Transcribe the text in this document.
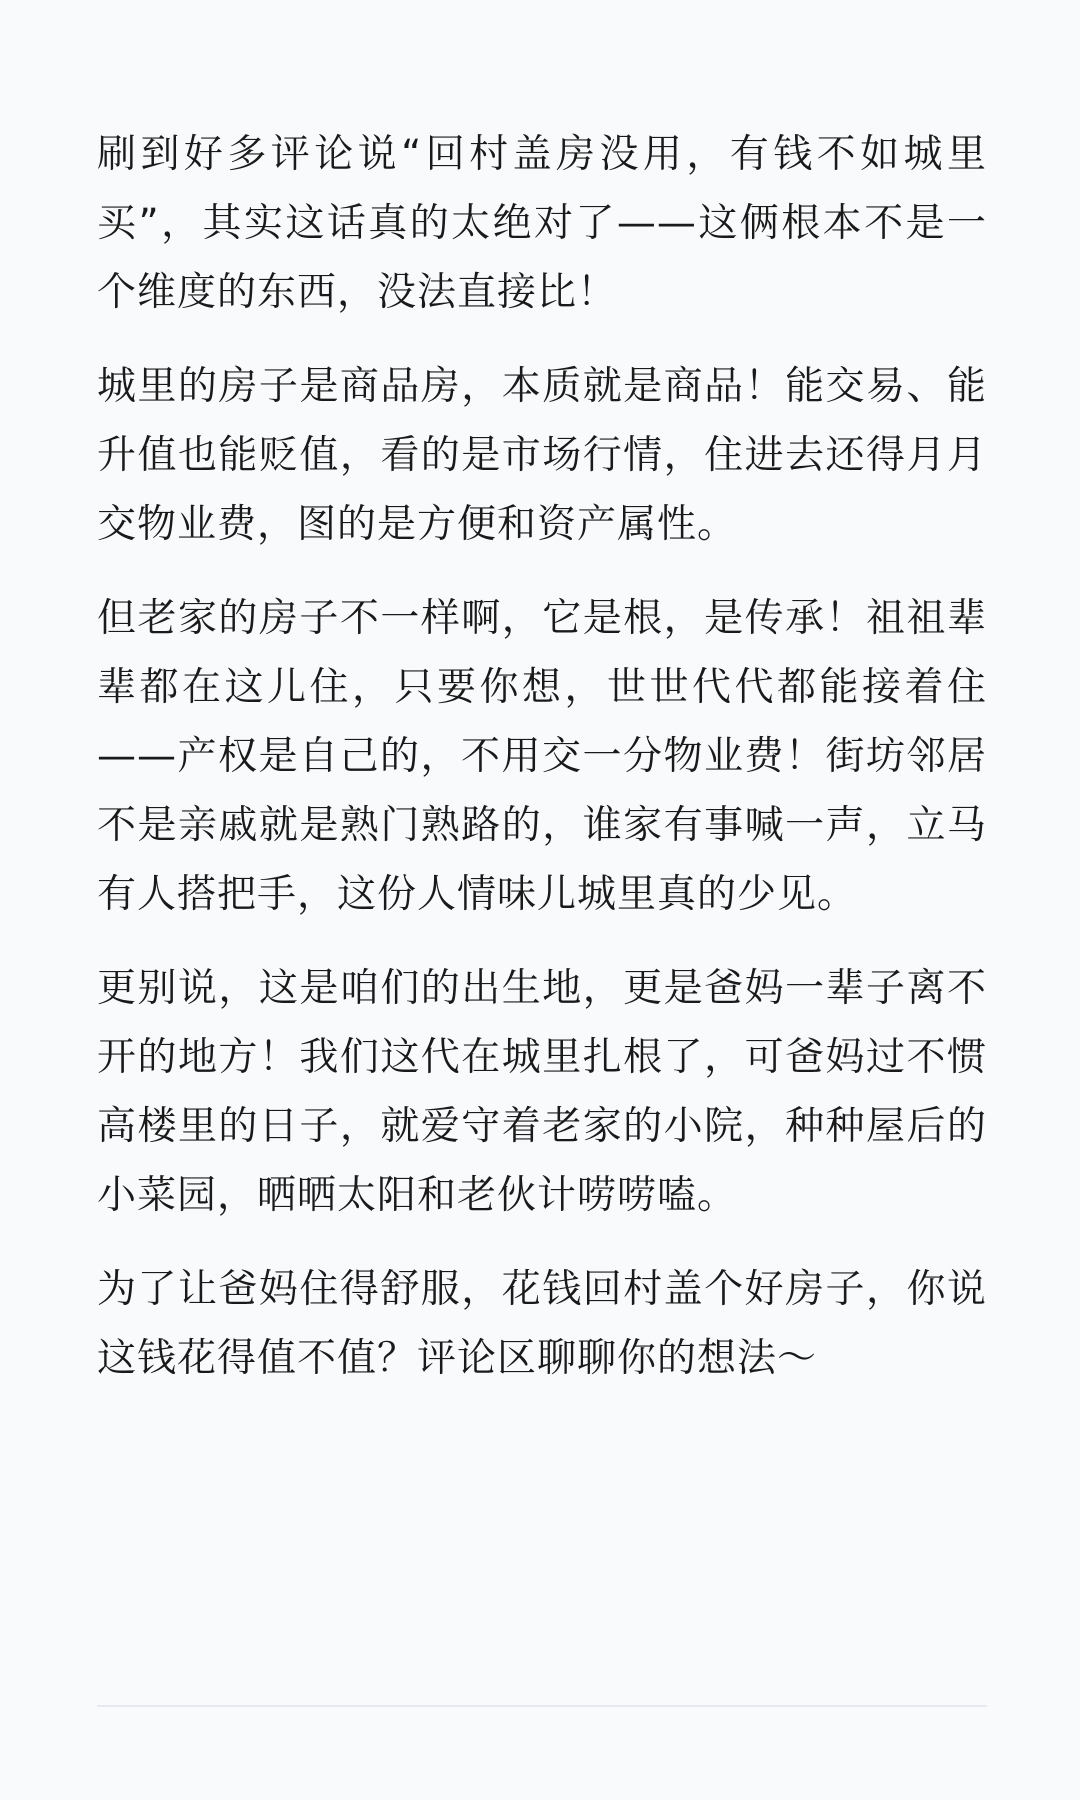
刷到好多评论说“回村盖房没用，有钱不如城里买”，其实这话真的太绝对了——这俩根本不是一个维度的东西，没法直接比！

城里的房子是商品房，本质就是商品！能交易、能升值也能贬值，看的是市场行情，住进去还得月月交物业费，图的是方便和资产属性。

但老家的房子不一样啊，它是根，是传承！祖祖辈辈都在这儿住，只要你想，世世代代都能接着住——产权是自己的，不用交一分物业费！街坊邻居不是亲戚就是熟门熟路的，谁家有事喊一声，立马有人搭把手，这份人情味儿城里真的少见。

更别说，这是咱们的出生地，更是爸妈一辈子离不开的地方！我们这代在城里扎根了，可爸妈过不惯高楼里的日子，就爱守着老家的小院，种种屋后的小菜园，晒晒太阳和老伙计唠唠嗑。

为了让爸妈住得舒服，花钱回村盖个好房子，你说这钱花得值不值？评论区聊聊你的想法～
